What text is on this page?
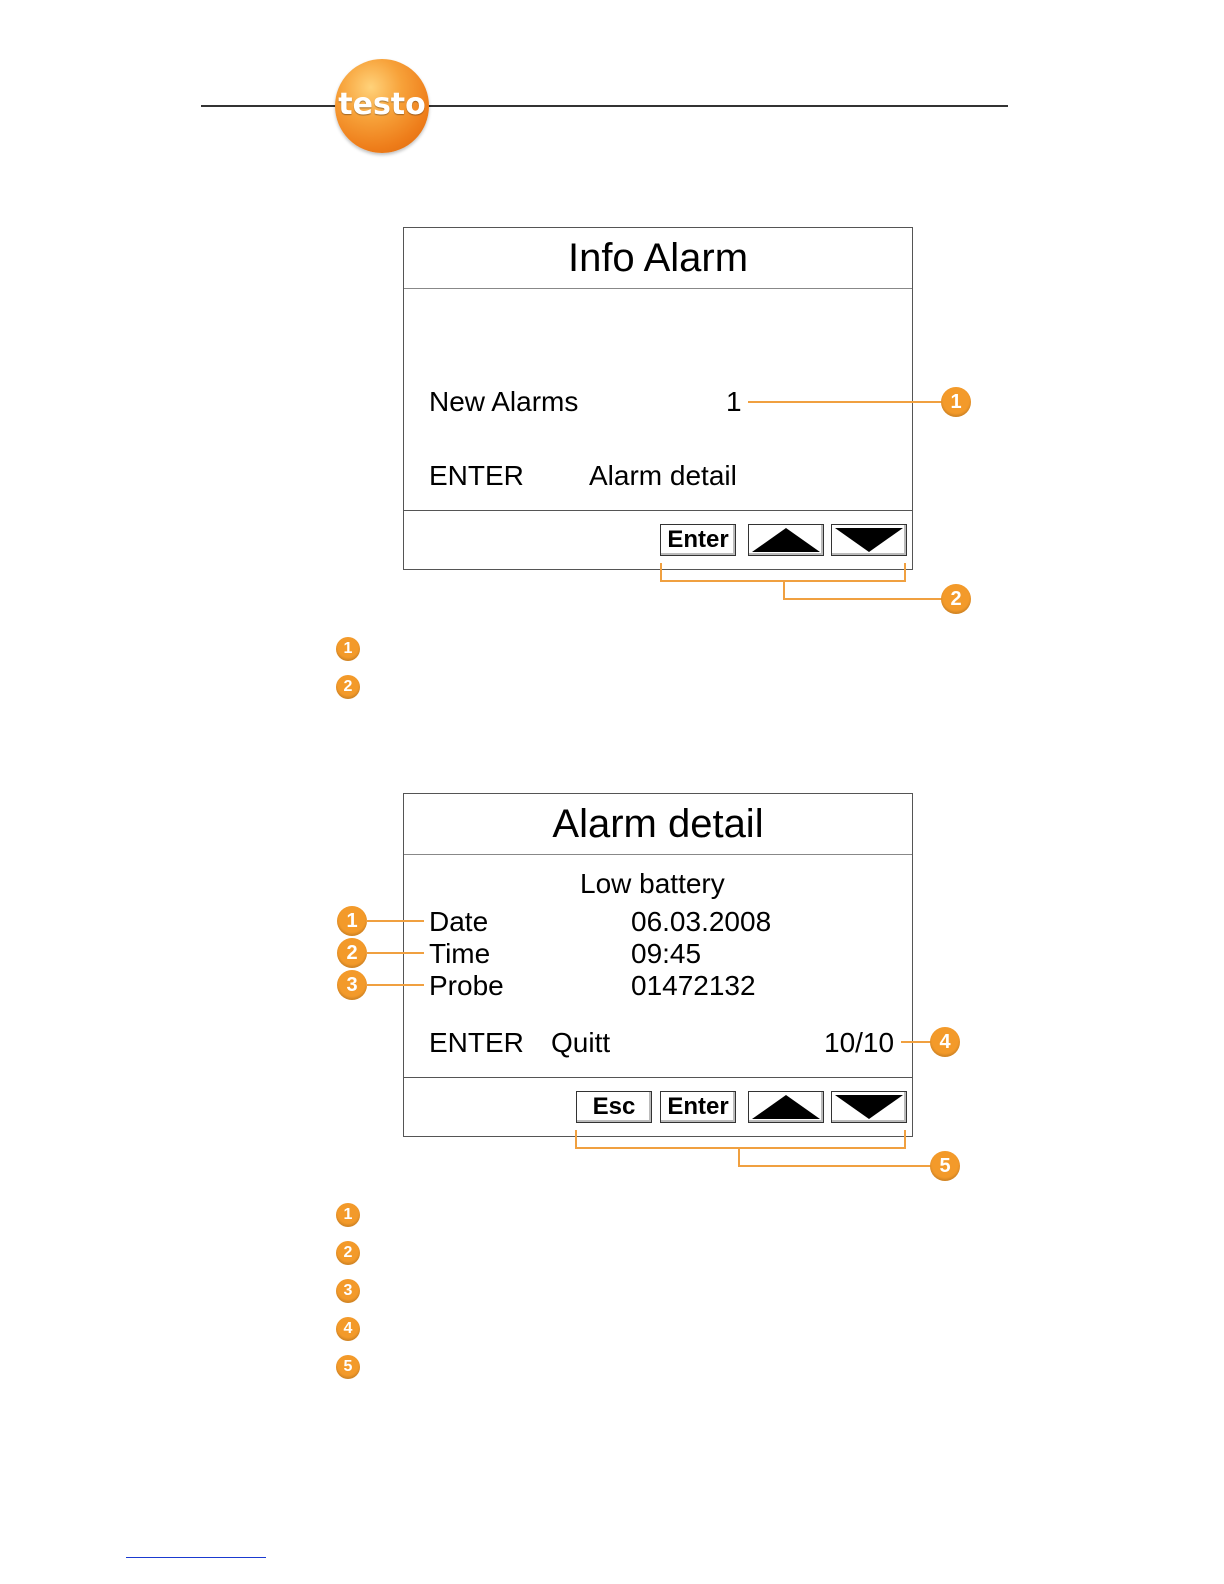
testo
Info Alarm
New Alarms	1
ENTER Alarm detail
Enter
1
2
1
2
Alarm detail
Low battery
Date	06.03.2008
Time	09:45
Probe	01472132
ENTER Quitt	10/10
Esc	Enter
1
2
3
4
5
1
2
3
4
5
